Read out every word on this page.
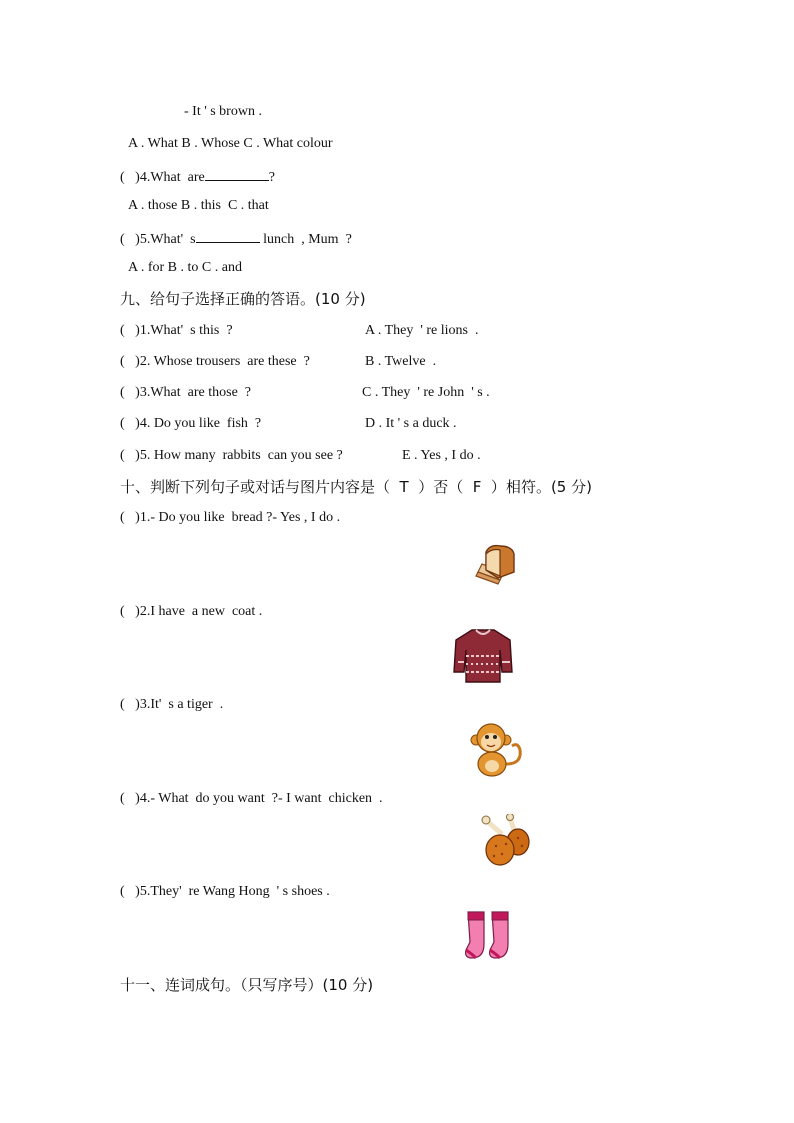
- It ' s brown .
A . What B . Whose C . What colour
(   )4.What  are	?
A . those B . this  C . that
(   )5.What'  s	lunch  , Mum  ?
A . for B . to C . and
九、给句子选择正确的答语。(10 分)
(   )1.What'  s this  ?	A . They  ' re lions  .
(   )2. Whose trousers  are these  ?	B . Twelve  .
(   )3.What  are those  ?	C . They  ' re John  ' s .
(   )4. Do you like  fish  ?	D . It ' s a duck .
(   )5. How many  rabbits  can you see ?	E . Yes , I do .
十、判断下列句子或对话与图片内容是（  T  ）否（  F  ）相符。(5 分)
(   )1.- Do you like  bread ?- Yes , I do .
(   )2.I have  a new  coat .
(   )3.It'  s a tiger  .
(   )4.- What  do you want  ?- I want  chicken  .
(   )5.They'  re Wang Hong  ' s shoes .
十一、连词成句。（只写序号）(10 分)
